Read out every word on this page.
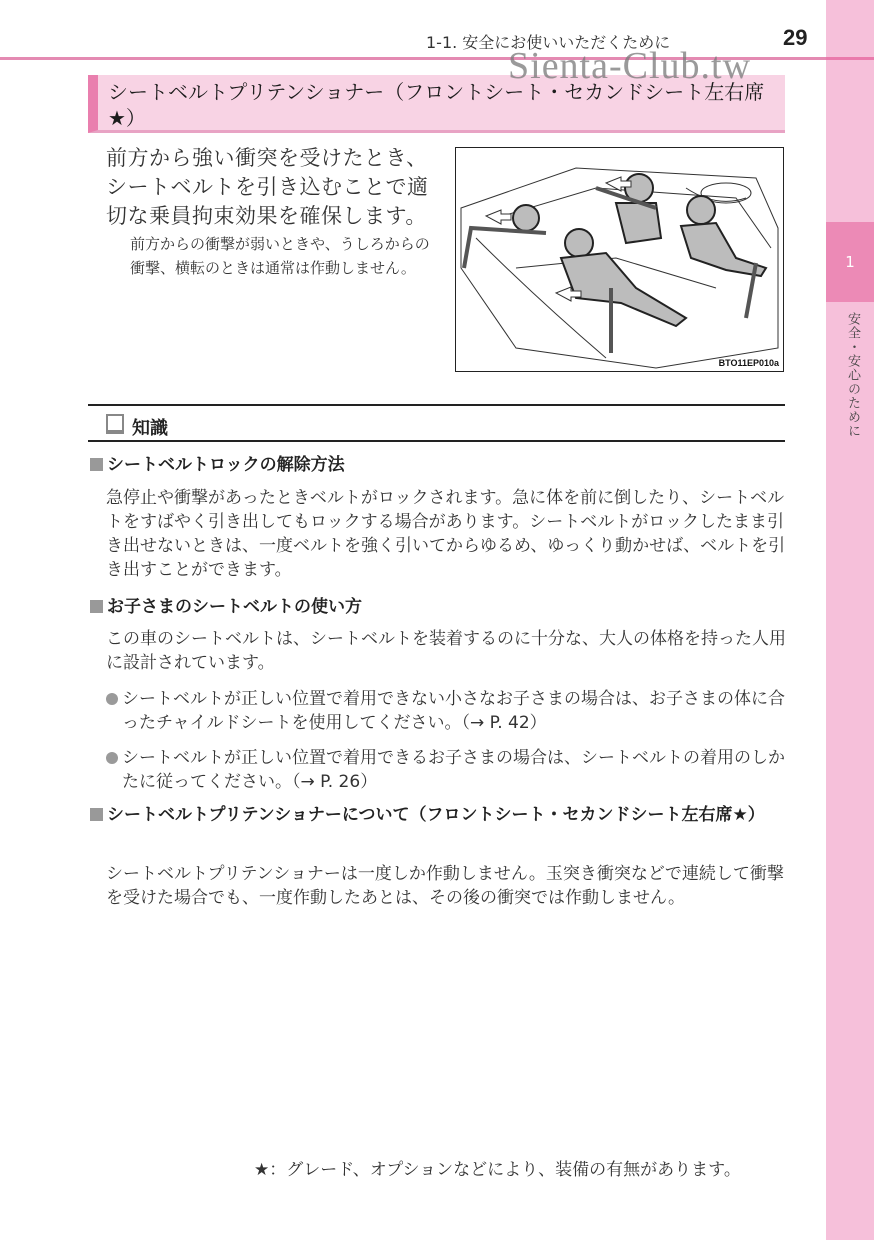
1
安全・安心のために
1-1. 安全にお使いいただくために	29
シートベルトプリテンショナー（フロントシート・セカンドシート左右席★）
Sienta-Club.tw
前方から強い衝突を受けたとき、シートベルトを引き込むことで適切な乗員拘束効果を確保します。
前方からの衝撃が弱いときや、うしろからの衝撃、横転のときは通常は作動しません。
BTO11EP010a
知識
シートベルトロックの解除方法
急停止や衝撃があったときベルトがロックされます。急に体を前に倒したり、シートベルトをすばやく引き出してもロックする場合があります。シートベルトがロックしたまま引き出せないときは、一度ベルトを強く引いてからゆるめ、ゆっくり動かせば、ベルトを引き出すことができます。
お子さまのシートベルトの使い方
この車のシートベルトは、シートベルトを装着するのに十分な、大人の体格を持った人用に設計されています。
シートベルトが正しい位置で着用できない小さなお子さまの場合は、お子さまの体に合ったチャイルドシートを使用してください。（→ P. 42）
シートベルトが正しい位置で着用できるお子さまの場合は、シートベルトの着用のしかたに従ってください。（→ P. 26）
シートベルトプリテンショナーについて（フロントシート・セカンドシート左右席★）
シートベルトプリテンショナーは一度しか作動しません。玉突き衝突などで連続して衝撃を受けた場合でも、一度作動したあとは、その後の衝突では作動しません。
★：グレード、オプションなどにより、装備の有無があります。
